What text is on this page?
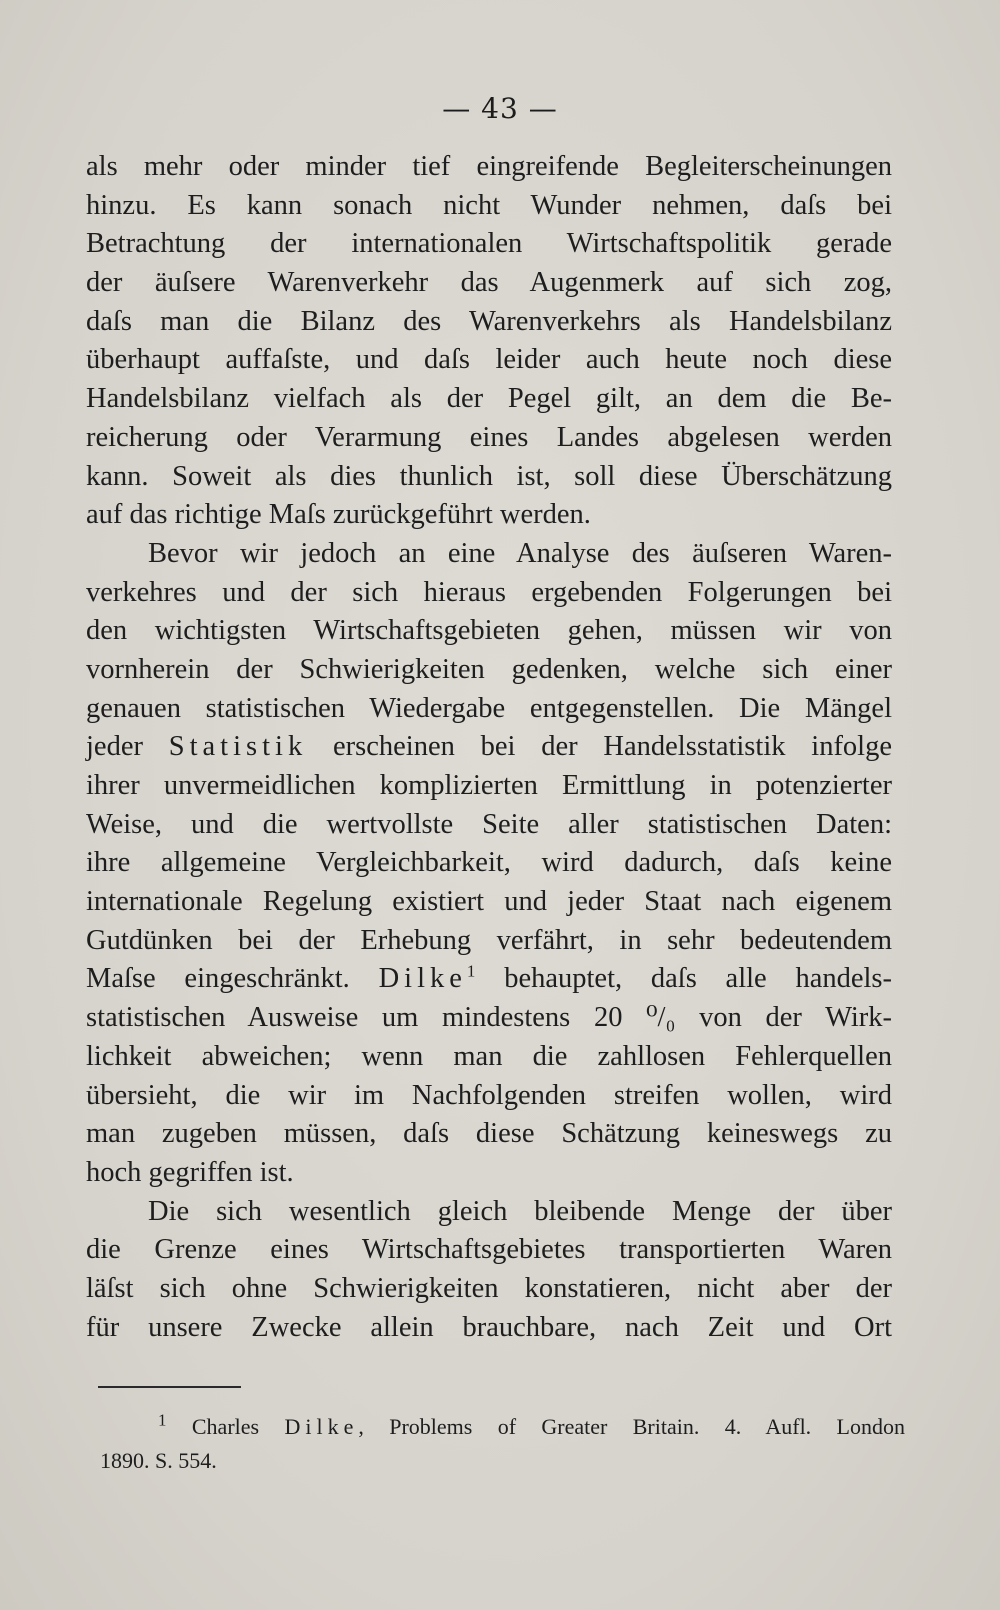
— 43 —
als mehr oder minder tief eingreifende Begleiterscheinungen
hinzu. Es kann sonach nicht Wunder nehmen, daſs bei
Betrachtung der internationalen Wirtschaftspolitik gerade
der äuſsere Warenverkehr das Augenmerk auf sich zog,
daſs man die Bilanz des Warenverkehrs als Handelsbilanz
überhaupt auffaſste, und daſs leider auch heute noch diese
Handelsbilanz vielfach als der Pegel gilt, an dem die Be-
reicherung oder Verarmung eines Landes abgelesen werden
kann. Soweit als dies thunlich ist, soll diese Überschätzung
auf das richtige Maſs zurückgeführt werden.
Bevor wir jedoch an eine Analyse des äuſseren Waren-
verkehres und der sich hieraus ergebenden Folgerungen bei
den wichtigsten Wirtschaftsgebieten gehen, müssen wir von
vornherein der Schwierigkeiten gedenken, welche sich einer
genauen statistischen Wiedergabe entgegenstellen. Die Mängel
jeder Statistik erscheinen bei der Handelsstatistik infolge
ihrer unvermeidlichen komplizierten Ermittlung in potenzierter
Weise, und die wertvollste Seite aller statistischen Daten:
ihre allgemeine Vergleichbarkeit, wird dadurch, daſs keine
internationale Regelung existiert und jeder Staat nach eigenem
Gutdünken bei der Erhebung verfährt, in sehr bedeutendem
Maſse eingeschränkt. Dilke$^1$ behauptet, daſs alle handels-
statistischen Ausweise um mindestens 20 ⁰/₀ von der Wirk-
lichkeit abweichen; wenn man die zahllosen Fehlerquellen
übersieht, die wir im Nachfolgenden streifen wollen, wird
man zugeben müssen, daſs diese Schätzung keineswegs zu
hoch gegriffen ist.
Die sich wesentlich gleich bleibende Menge der über
die Grenze eines Wirtschaftsgebietes transportierten Waren
läſst sich ohne Schwierigkeiten konstatieren, nicht aber der
für unsere Zwecke allein brauchbare, nach Zeit und Ort
$^1$ Charles Dilke, Problems of Greater Britain. 4. Aufl. London
1890. S. 554.
